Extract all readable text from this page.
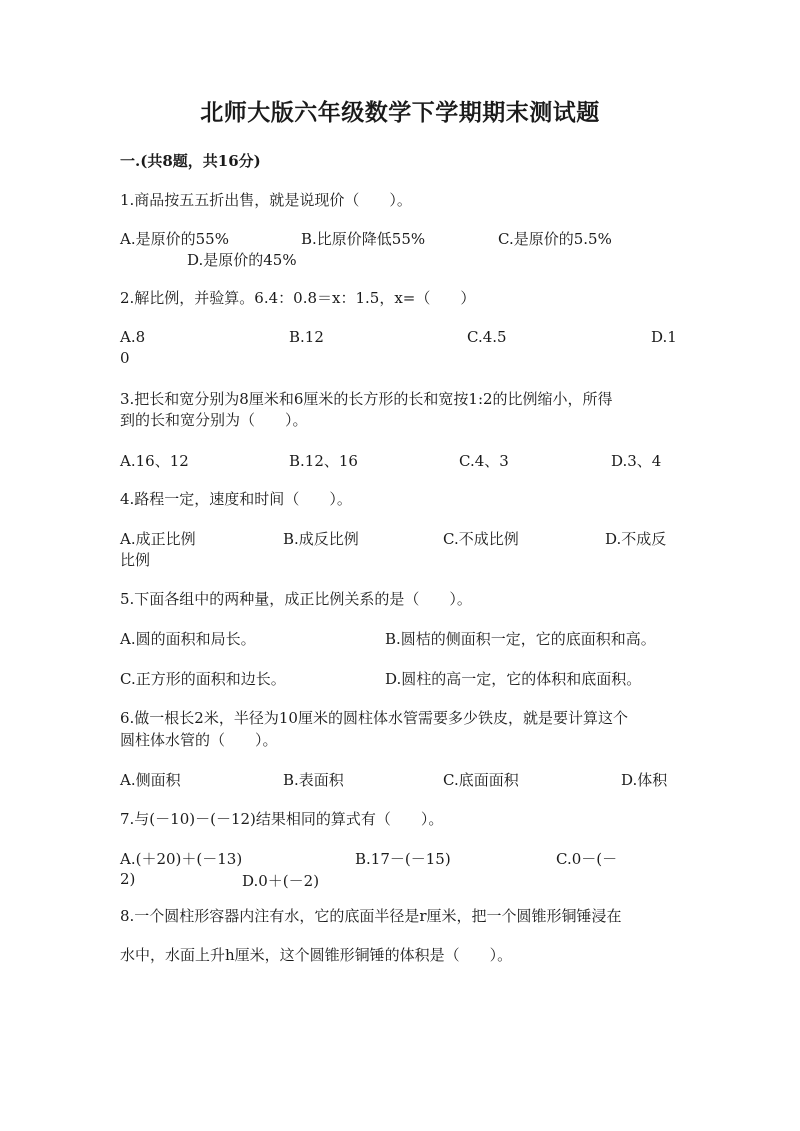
北师大版六年级数学下学期期末测试题
一.(共8题，共16分)
1.商品按五五折出售，就是说现价（　　）。
A.是原价的55%	B.比原价降低55%	C.是原价的5.5%
D.是原价的45%
2.解比例，并验算。6.4：0.8＝x：1.5，x=（　　）
A.8	B.12	C.4.5	D.1
0
3.把长和宽分别为8厘米和6厘米的长方形的长和宽按1:2的比例缩小，所得
到的长和宽分别为（　　）。
A.16、12	B.12、16	C.4、3	D.3、4
4.路程一定，速度和时间（　　）。
A.成正比例	B.成反比例	C.不成比例	D.不成反
比例
5.下面各组中的两种量，成正比例关系的是（　　）。
A.圆的面积和局长。	B.圆桔的侧面积一定，它的底面积和高。
C.正方形的面积和边长。	D.圆柱的高一定，它的体积和底面积。
6.做一根长2米，半径为10厘米的圆柱体水管需要多少铁皮，就是要计算这个
圆柱体水管的（　　）。
A.侧面积	B.表面积	C.底面面积	D.体积
7.与(－10)－(－12)结果相同的算式有（　　）。
A.(＋20)＋(－13)	B.17－(－15)	C.0－(－
2)	D.0＋(－2)
8.一个圆柱形容器内注有水，它的底面半径是r厘米，把一个圆锥形铜锤浸在
水中，水面上升h厘米，这个圆锥形铜锤的体积是（　　）。
